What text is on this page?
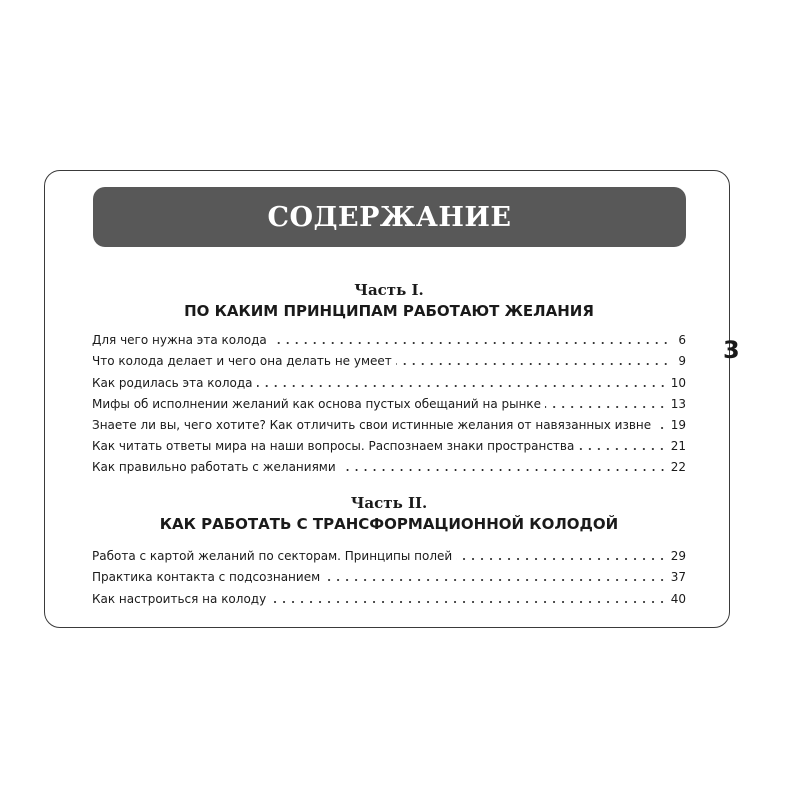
СОДЕРЖАНИЕ
3
Часть I.
ПО КАКИМ ПРИНЦИПАМ РАБОТАЮТ ЖЕЛАНИЯ
Для чего нужна эта колода	6
Что колода делает и чего она делать не умеет	9
Как родилась эта колода	10
Мифы об исполнении желаний как основа пустых обещаний на рынке	13
Знаете ли вы, чего хотите? Как отличить свои истинные желания от навязанных извне 19
Как читать ответы мира на наши вопросы. Распознаем знаки пространства	21
Как правильно работать с желаниями	22
Часть II.
КАК РАБОТАТЬ С ТРАНСФОРМАЦИОННОЙ КОЛОДОЙ
Работа с картой желаний по секторам. Принципы полей	29
Практика контакта с подсознанием	37
Как настроиться на колоду	40
